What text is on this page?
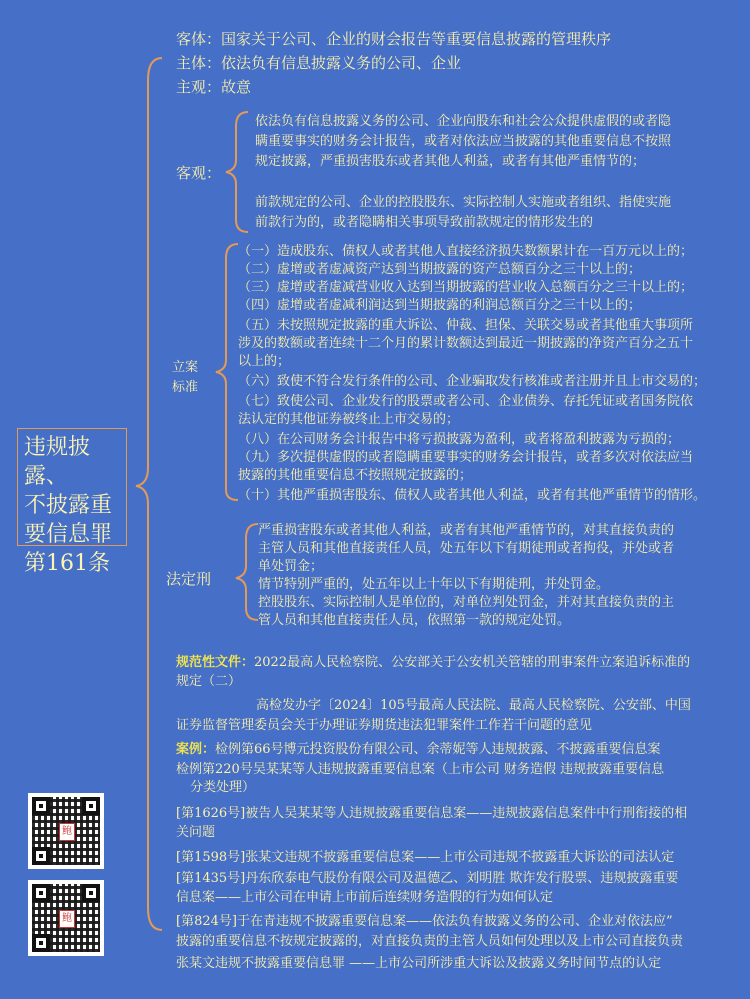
违规披露、
不披露重
要信息罪
第161条
客体：国家关于公司、企业的财会报告等重要信息披露的管理秩序
主体：依法负有信息披露义务的公司、企业
主观：故意
客观：
依法负有信息披露义务的公司、企业向股东和社会公众提供虚假的或者隐
瞒重要事实的财务会计报告，或者对依法应当披露的其他重要信息不按照
规定披露，严重损害股东或者其他人利益，或者有其他严重情节的；
前款规定的公司、企业的控股股东、实际控制人实施或者组织、指使实施
前款行为的，或者隐瞒相关事项导致前款规定的情形发生的
立案
标准
（一）造成股东、债权人或者其他人直接经济损失数额累计在一百万元以上的；
（二）虚增或者虚减资产达到当期披露的资产总额百分之三十以上的；
（三）虚增或者虚减营业收入达到当期披露的营业收入总额百分之三十以上的；
（四）虚增或者虚减利润达到当期披露的利润总额百分之三十以上的；
（五）未按照规定披露的重大诉讼、仲裁、担保、关联交易或者其他重大事项所
涉及的数额或者连续十二个月的累计数额达到最近一期披露的净资产百分之五十
以上的；
（六）致使不符合发行条件的公司、企业骗取发行核准或者注册并且上市交易的；
（七）致使公司、企业发行的股票或者公司、企业债券、存托凭证或者国务院依
法认定的其他证券被终止上市交易的；
（八）在公司财务会计报告中将亏损披露为盈利，或者将盈利披露为亏损的；
（九）多次提供虚假的或者隐瞒重要事实的财务会计报告，或者多次对依法应当
披露的其他重要信息不按照规定披露的；
（十）其他严重损害股东、债权人或者其他人利益，或者有其他严重情节的情形。
法定刑
严重损害股东或者其他人利益，或者有其他严重情节的，对其直接负责的
主管人员和其他直接责任人员，处五年以下有期徒刑或者拘役，并处或者
单处罚金；
情节特别严重的，处五年以上十年以下有期徒刑，并处罚金。
控股股东、实际控制人是单位的，对单位判处罚金，并对其直接负责的主
管人员和其他直接责任人员，依照第一款的规定处罚。
规范性文件：2022最高人民检察院、公安部关于公安机关管辖的刑事案件立案追诉标准的
规定（二）
高检发办字〔2024〕105号最高人民法院、最高人民检察院、公安部、中国
证券监督管理委员会关于办理证券期货违法犯罪案件工作若干问题的意见
案例：检例第66号博元投资股份有限公司、余蒂妮等人违规披露、不披露重要信息案
检例第220号吴某某等人违规披露重要信息案（上市公司 财务造假 违规披露重要信息
分类处理）
[第1626号]被告人吴某某等人违规披露重要信息案——违规披露信息案件中行刑衔接的相
关问题
[第1598号]张某文违规不披露重要信息案——上市公司违规不披露重大诉讼的司法认定
[第1435号]丹东欣泰电气股份有限公司及温德乙、刘明胜 欺诈发行股票、违规披露重要
信息案——上市公司在申请上市前后连续财务造假的行为如何认定
[第824号]于在青违规不披露重要信息案——依法负有披露义务的公司、企业对依法应”
披露的重要信息不按规定披露的，对直接负责的主管人员如何处理以及上市公司直接负责
张某文违规不披露重要信息罪 ——上市公司所涉重大诉讼及披露义务时间节点的认定
鲍
鲍
